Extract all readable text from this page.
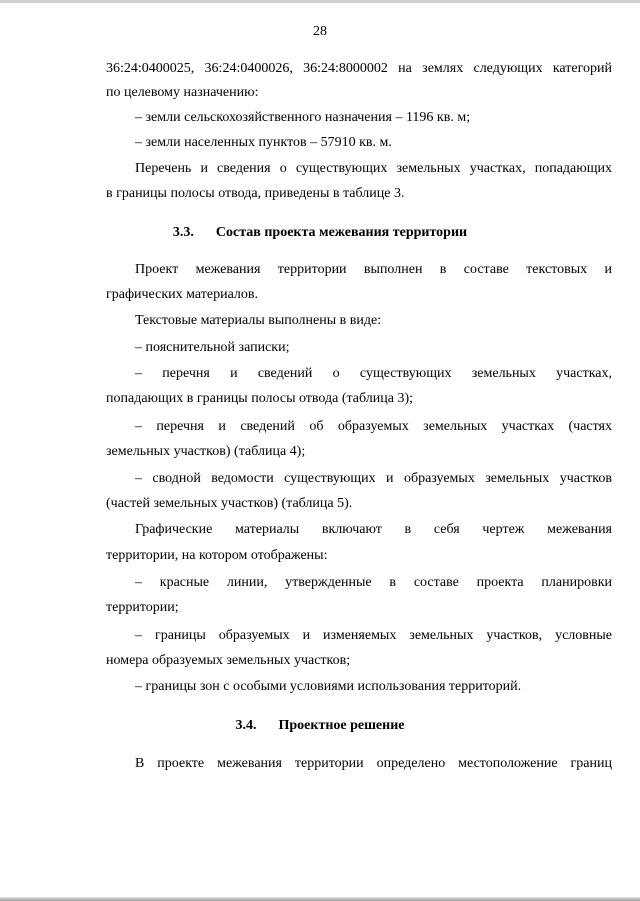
28
36:24:0400025, 36:24:0400026, 36:24:8000002 на землях следующих категорий
по целевому назначению:
– земли сельскохозяйственного назначения – 1196 кв. м;
– земли населенных пунктов – 57910 кв. м.
Перечень и сведения о существующих земельных участках, попадающих
в границы полосы отвода, приведены в таблице 3.
3.3. Состав проекта межевания территории
Проект межевания территории выполнен в составе текстовых и
графических материалов.
Текстовые материалы выполнены в виде:
– пояснительной записки;
– перечня и сведений о существующих земельных участках,
попадающих в границы полосы отвода (таблица 3);
– перечня и сведений об образуемых земельных участках (частях
земельных участков) (таблица 4);
– сводной ведомости существующих и образуемых земельных участков
(частей земельных участков) (таблица 5).
Графические материалы включают в себя чертеж межевания
территории, на котором отображены:
– красные линии, утвержденные в составе проекта планировки
территории;
– границы образуемых и изменяемых земельных участков, условные
номера образуемых земельных участков;
– границы зон с особыми условиями использования территорий.
3.4. Проектное решение
В проекте межевания территории определено местоположение границ
